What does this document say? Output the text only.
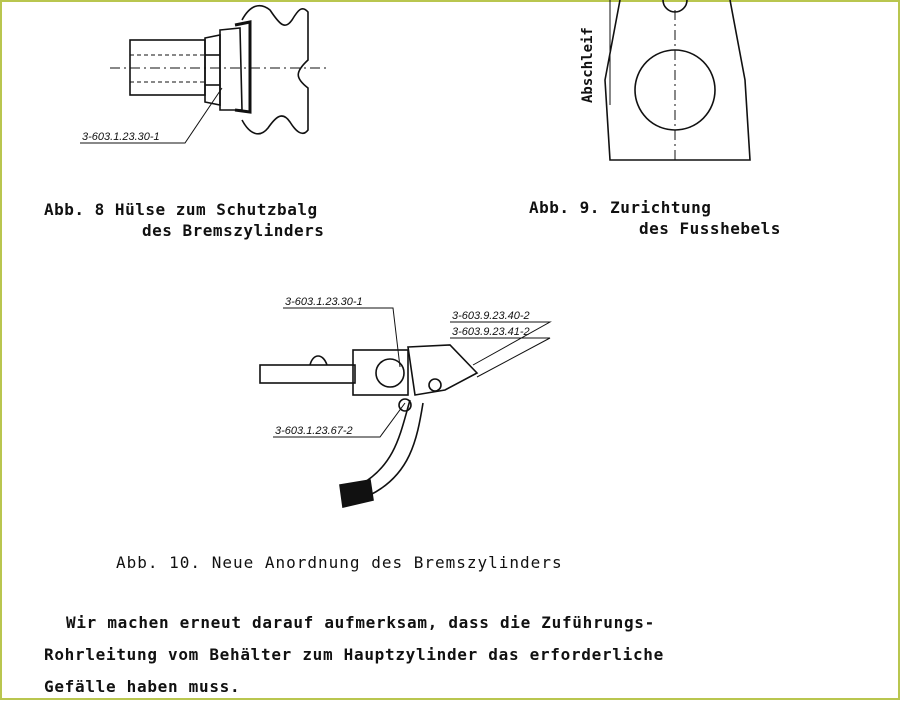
3-603.1.23.30-1
Abb. 8 Hülse zum Schutzbalg
des Bremszylinders
Abschleif
Abb. 9. Zurichtung
des Fusshebels
3-603.1.23.30-1
3-603.9.23.40-2
3-603.9.23.41-2
3-603.1.23.67-2
Abb. 10. Neue Anordnung des Bremszylinders
Wir machen erneut darauf aufmerksam, dass die Zuführungs-
Rohrleitung vom Behälter zum Hauptzylinder das erforderliche
Gefälle haben muss.
